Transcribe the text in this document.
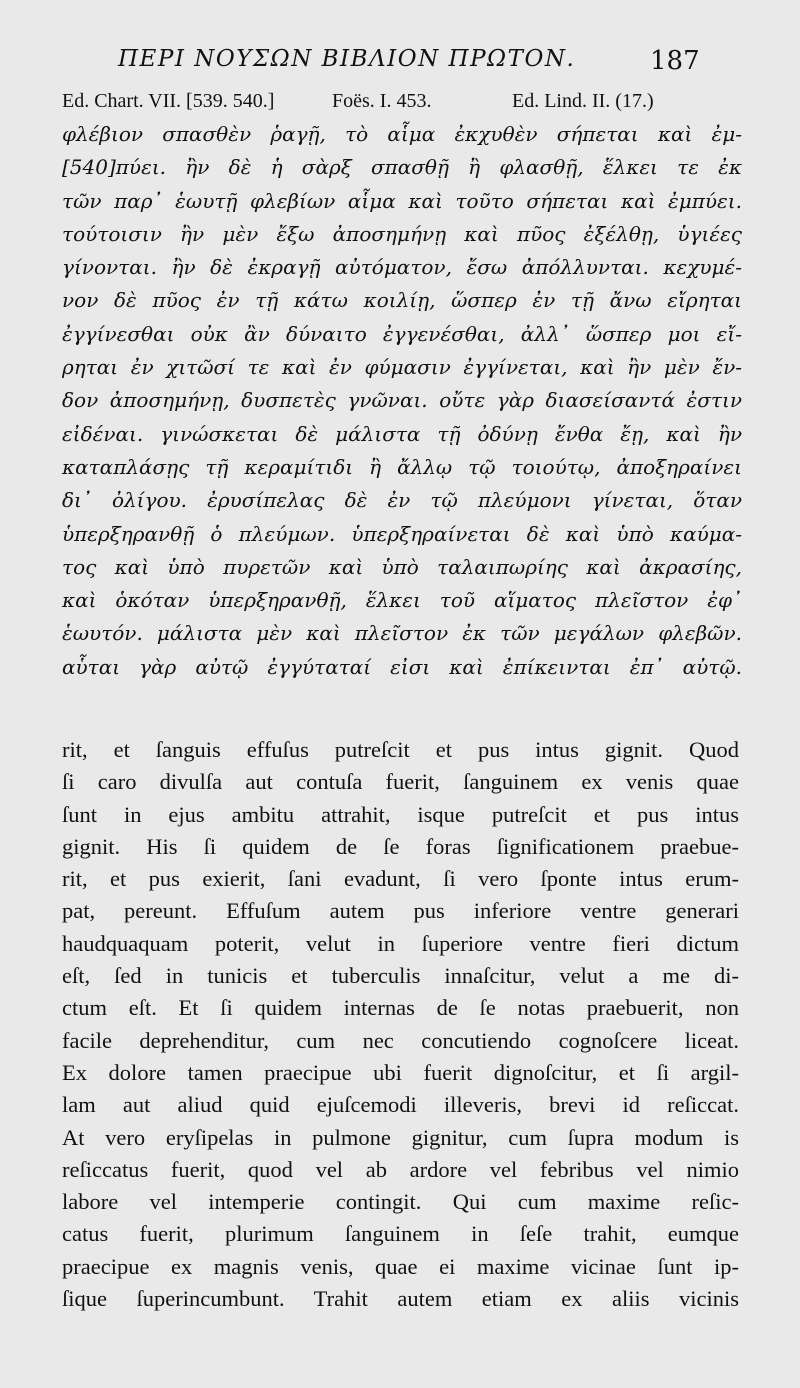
ΠΕΡΙ ΝΟΥΣΩΝ ΒΙΒΛΙΟΝ ΠΡΩΤΟΝ.	187
Ed. Chart. VII. [539. 540.]	Foës. I. 453.	Ed. Lind. II. (17.)
φλέβιον σπασθὲν ῥαγῇ, τὸ αἷμα ἐκχυθὲν σήπεται καὶ ἐμ-
[540]πύει. ἢν δὲ ἡ σὰρξ σπασθῇ ἢ φλασθῇ, ἕλκει τε ἐκ
τῶν παρ᾽ ἑωυτῇ φλεβίων αἷμα καὶ τοῦτο σήπεται καὶ ἐμπύει.
τούτοισιν ἢν μὲν ἔξω ἀποσημήνῃ καὶ πῦος ἐξέλθῃ, ὑγιέες
γίνονται. ἢν δὲ ἐκραγῇ αὐτόματον, ἔσω ἀπόλλυνται. κεχυμέ-
νον δὲ πῦος ἐν τῇ κάτω κοιλίῃ, ὥσπερ ἐν τῇ ἄνω εἴρηται
ἐγγίνεσθαι οὐκ ἂν δύναιτο ἐγγενέσθαι, ἀλλ᾽ ὥσπερ μοι εἴ-
ρηται ἐν χιτῶσί τε καὶ ἐν φύμασιν ἐγγίνεται, καὶ ἢν μὲν ἔν-
δον ἀποσημήνῃ, δυσπετὲς γνῶναι. οὔτε γὰρ διασείσαντά ἐστιν
εἰδέναι. γινώσκεται δὲ μάλιστα τῇ ὀδύνῃ ἔνθα ἔῃ, καὶ ἢν
καταπλάσῃς τῇ κεραμίτιδι ἢ ἄλλῳ τῷ τοιούτῳ, ἀποξηραίνει
δι᾽ ὀλίγου. ἐρυσίπελας δὲ ἐν τῷ πλεύμονι γίνεται, ὅταν
ὑπερξηρανθῇ ὁ πλεύμων. ὑπερξηραίνεται δὲ καὶ ὑπὸ καύμα-
τος καὶ ὑπὸ πυρετῶν καὶ ὑπὸ ταλαιπωρίης καὶ ἀκρασίης,
καὶ ὁκόταν ὑπερξηρανθῇ, ἕλκει τοῦ αἵματος πλεῖστον ἐφ᾽
ἑωυτόν. μάλιστα μὲν καὶ πλεῖστον ἐκ τῶν μεγάλων φλεβῶν.
αὗται γὰρ αὐτῷ ἐγγύταταί εἰσι καὶ ἐπίκεινται ἐπ᾽ αὐτῷ.
rit, et ſanguis effuſus putreſcit et pus intus gignit. Quod
ſi caro divulſa aut contuſa fuerit, ſanguinem ex venis quae
ſunt in ejus ambitu attrahit, isque putreſcit et pus intus
gignit. His ſi quidem de ſe foras ſignificationem praebue-
rit, et pus exierit, ſani evadunt, ſi vero ſponte intus erum-
pat, pereunt. Effuſum autem pus inferiore ventre generari
haudquaquam poterit, velut in ſuperiore ventre fieri dictum
eſt, ſed in tunicis et tuberculis innaſcitur, velut a me di-
ctum eſt. Et ſi quidem internas de ſe notas praebuerit, non
facile deprehenditur, cum nec concutiendo cognoſcere liceat.
Ex dolore tamen praecipue ubi fuerit dignoſcitur, et ſi argil-
lam aut aliud quid ejuſcemodi illeveris, brevi id reſiccat.
At vero eryſipelas in pulmone gignitur, cum ſupra modum is
reſiccatus fuerit, quod vel ab ardore vel febribus vel nimio
labore vel intemperie contingit. Qui cum maxime reſic-
catus fuerit, plurimum ſanguinem in ſeſe trahit, eumque
praecipue ex magnis venis, quae ei maxime vicinae ſunt ip-
ſique ſuperincumbunt. Trahit autem etiam ex aliis vicinis
